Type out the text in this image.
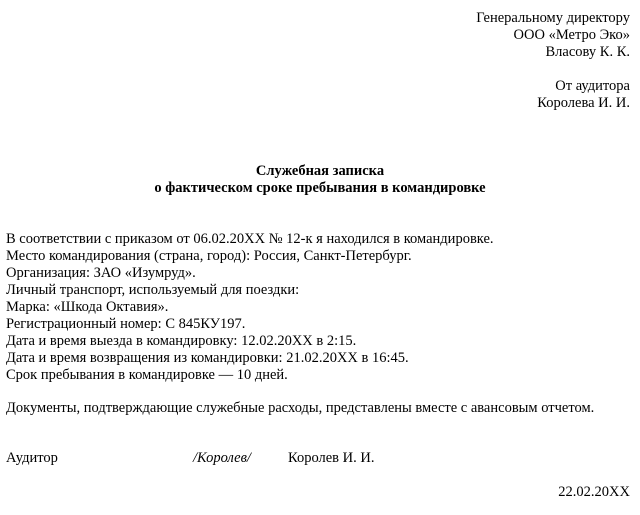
Генеральному директору
ООО «Метро Эко»
Власову К. К.
От аудитора
Королева И. И.
Служебная записка
о фактическом сроке пребывания в командировке
В соответствии с приказом от 06.02.20ХХ № 12-к я находился в командировке.
Место командирования (страна, город): Россия, Санкт-Петербург.
Организация: ЗАО «Изумруд».
Личный транспорт, используемый для поездки:
Марка: «Шкода Октавия».
Регистрационный номер: С 845КУ197.
Дата и время выезда в командировку: 12.02.20ХХ в 2:15.
Дата и время возвращения из командировки: 21.02.20ХХ в 16:45.
Срок пребывания в командировке — 10 дней.
Документы, подтверждающие служебные расходы, представлены вместе с авансовым отчетом.
Аудитор	/Королев/	Королев И. И.
22.02.20ХХ
